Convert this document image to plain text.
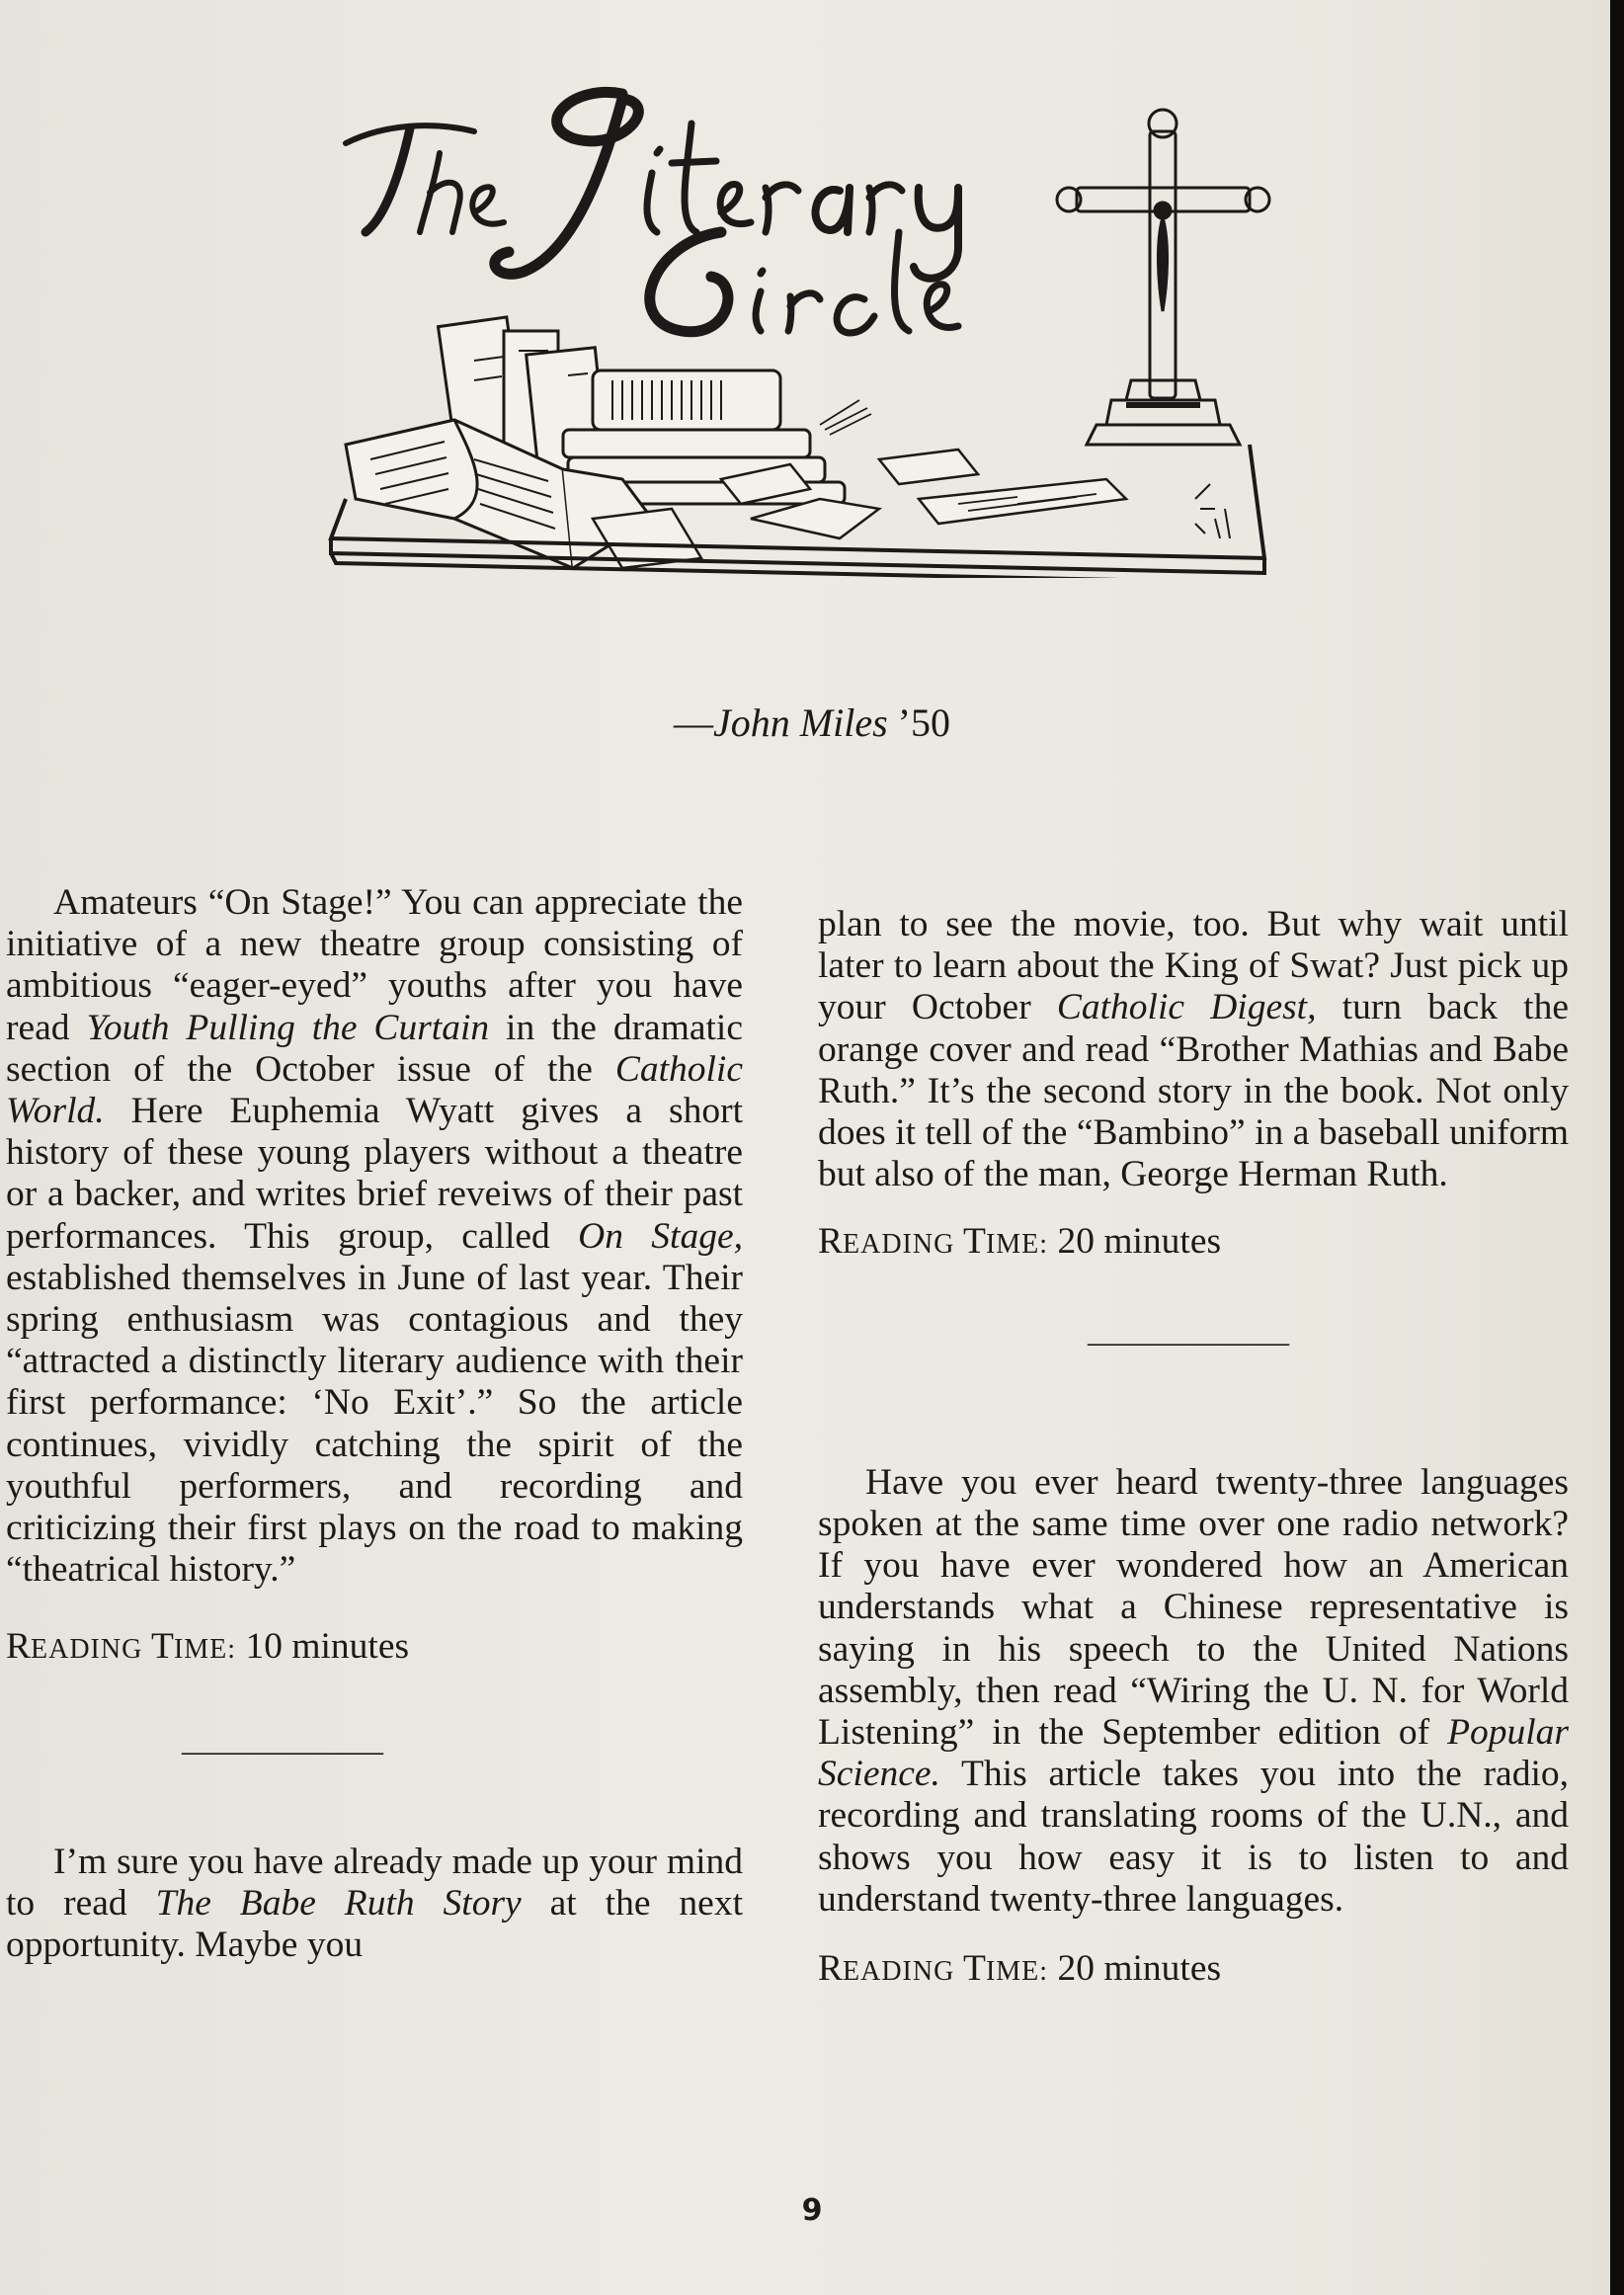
—John Miles ’50

Amateurs “On Stage!” You can appreciate the initiative of a new theatre group consisting of ambitious “eager-eyed” youths after you have read Youth Pulling the Curtain in the dramatic section of the October issue of the Catholic World. Here Euphemia Wyatt gives a short history of these young players without a theatre or a backer, and writes brief reveiws of their past performances. This group, called On Stage, established themselves in June of last year. Their spring enthusiasm was contagious and they “attracted a distinctly literary audience with their first performance: ‘No Exit’.” So the article continues, vividly catching the spirit of the youthful performers, and recording and criticizing their first plays on the road to making “theatrical history.”

READING TIME: 10 minutes

——————

I’m sure you have already made up your mind to read The Babe Ruth Story at the next opportunity. Maybe you

plan to see the movie, too. But why wait until later to learn about the King of Swat? Just pick up your October Catholic Digest, turn back the orange cover and read “Brother Mathias and Babe Ruth.” It’s the second story in the book. Not only does it tell of the “Bambino” in a baseball uniform but also of the man, George Herman Ruth.

READING TIME: 20 minutes

——————

Have you ever heard twenty-three languages spoken at the same time over one radio network? If you have ever wondered how an American understands what a Chinese representative is saying in his speech to the United Nations assembly, then read “Wiring the U. N. for World Listening” in the September edition of Popular Science. This article takes you into the radio, recording and translating rooms of the U.N., and shows you how easy it is to listen to and understand twenty-three languages.

READING TIME: 20 minutes

9
